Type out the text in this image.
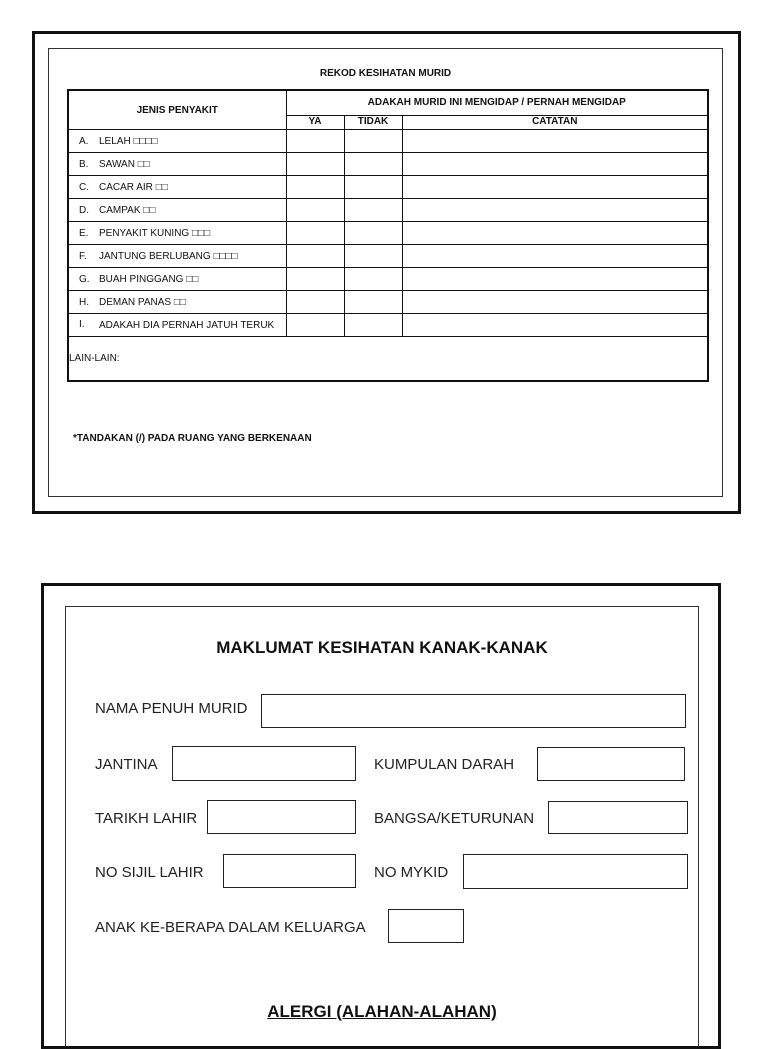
REKOD KESIHATAN MURID
JENIS PENYAKIT	ADAKAH MURID INI MENGIDAP / PERNAH MENGIDAP		
	YA	TIDAK	CATATAN
A. LELAH □□□□			
B. SAWAN □□			
C. CACAR AIR □□			
D. CAMPAK □□			
E. PENYAKIT KUNING □□□			
F. JANTUNG BERLUBANG □□□□			
G. BUAH PINGGANG □□			
H. DEMAN PANAS □□			

I. ADAKAH DIA PERNAH JATUH TERUK			

LAIN-LAIN:			
*TANDAKAN (/) PADA RUANG YANG BERKENAAN
MAKLUMAT KESIHATAN KANAK-KANAK
NAMA PENUH MURID
JANTINA	KUMPULAN DARAH
TARIKH LAHIR	BANGSA/KETURUNAN
NO SIJIL LAHIR	NO MYKID
ANAK KE-BERAPA DALAM KELUARGA
ALERGI (ALAHAN-ALAHAN)
